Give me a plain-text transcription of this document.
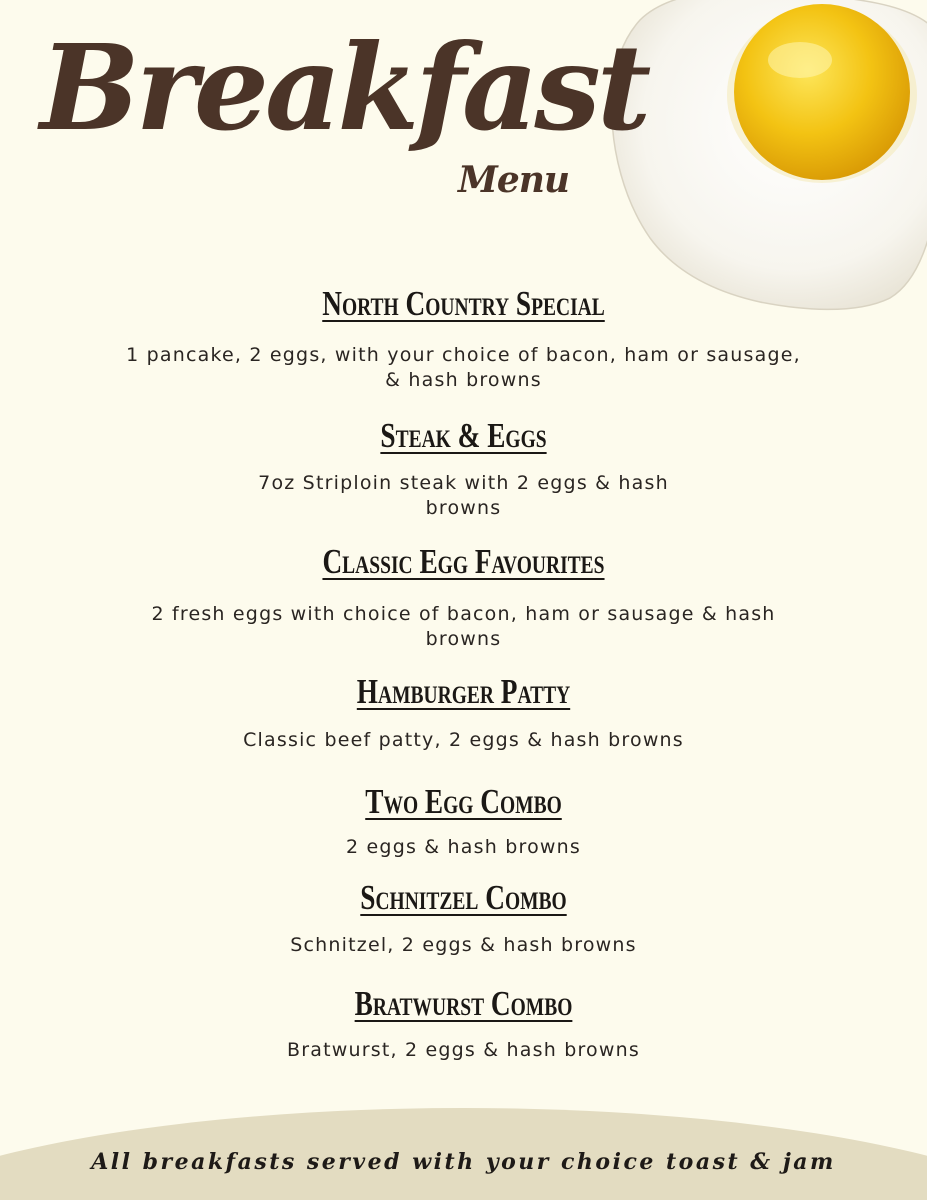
Breakfast
Menu
North Country Special

1 pancake, 2 eggs, with your choice of bacon, ham or sausage, & hash browns

Steak & Eggs

7oz Striploin steak with 2 eggs & hash browns

Classic Egg Favourites

2 fresh eggs with choice of bacon, ham or sausage & hash browns

Hamburger Patty

Classic beef patty, 2 eggs & hash browns

Two Egg Combo

2 eggs & hash browns

Schnitzel Combo

Schnitzel, 2 eggs & hash browns

Bratwurst Combo

Bratwurst, 2 eggs & hash browns

All breakfasts served with your choice toast & jam
